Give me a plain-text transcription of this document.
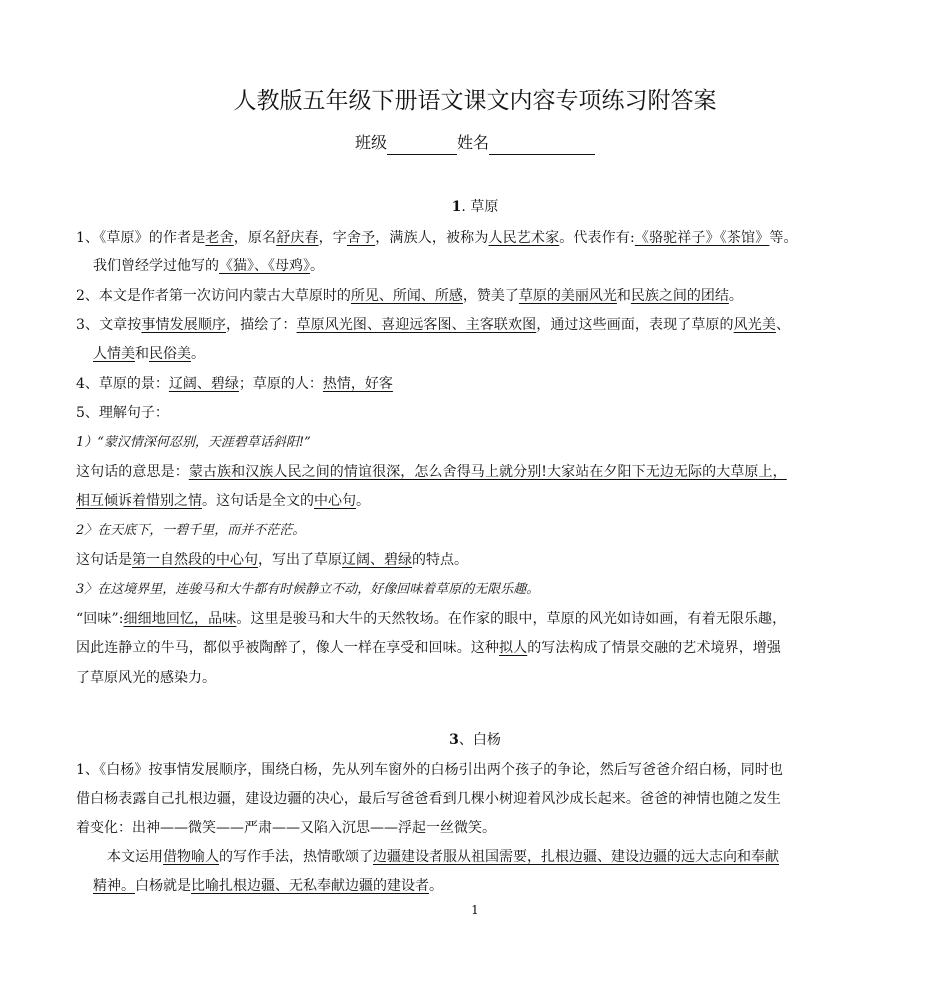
人教版五年级下册语文课文内容专项练习附答案
班级	姓名
1. 草原
1、《草原》的作者是老舍，原名舒庆春，字舍予，满族人，被称为人民艺术家。代表作有:《骆驼祥子》《茶馆》等。
我们曾经学过他写的《猫》、《母鸡》。
2、本文是作者第一次访问内蒙古大草原时的所见、所闻、所感，赞美了草原的美丽风光和民族之间的团结。
3、文章按事情发展顺序，描绘了：草原风光图、喜迎远客图、主客联欢图，通过这些画面，表现了草原的风光美、
人情美和民俗美。
4、草原的景：辽阔、碧绿；草原的人：热情，好客
5、理解句子：
1）“蒙汉情深何忍别，天涯碧草话斜阳!”
这句话的意思是：蒙古族和汉族人民之间的情谊很深，怎么舍得马上就分别!大家站在夕阳下无边无际的大草原上，
相互倾诉着惜别之情。这句话是全文的中心句。
2〉在天底下，一碧千里，而并不茫茫。
这句话是第一自然段的中心句，写出了草原辽阔、碧绿的特点。
3〉在这境界里，连骏马和大牛都有时候静立不动，好像回味着草原的无限乐趣。
“回味”:细细地回忆，品味。这里是骏马和大牛的天然牧场。在作家的眼中，草原的风光如诗如画，有着无限乐趣，
因此连静立的牛马，都似乎被陶醉了，像人一样在享受和回味。这种拟人的写法构成了情景交融的艺术境界，增强
了草原风光的感染力。
3、白杨
1、《白杨》按事情发展顺序，围绕白杨，先从列车窗外的白杨引出两个孩子的争论，然后写爸爸介绍白杨，同时也
借白杨表露自己扎根边疆，建设边疆的决心，最后写爸爸看到几棵小树迎着风沙成长起来。爸爸的神情也随之发生
着变化：出神——微笑——严肃——又陷入沉思——浮起一丝微笑。
本文运用借物喻人的写作手法，热情歌颂了边疆建设者服从祖国需要，扎根边疆、建设边疆的远大志向和奉献
精神。白杨就是比喻扎根边疆、无私奉献边疆的建设者。
1
